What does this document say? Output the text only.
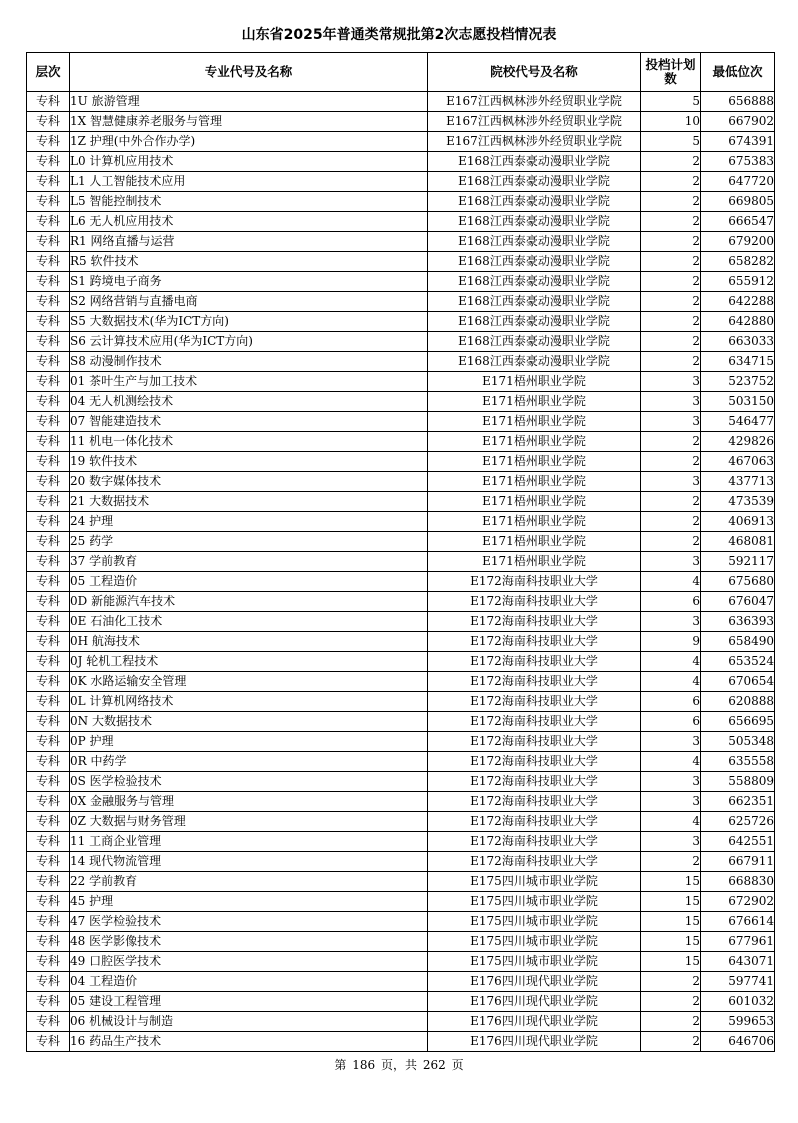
山东省2025年普通类常规批第2次志愿投档情况表
层次	专业代号及名称	院校代号及名称	投档计划数	最低位次
专科	1U 旅游管理	E167江西枫林涉外经贸职业学院	5	656888
专科	1X 智慧健康养老服务与管理	E167江西枫林涉外经贸职业学院	10	667902
专科	1Z 护理(中外合作办学)	E167江西枫林涉外经贸职业学院	5	674391
专科	L0 计算机应用技术	E168江西泰豪动漫职业学院	2	675383
专科	L1 人工智能技术应用	E168江西泰豪动漫职业学院	2	647720
专科	L5 智能控制技术	E168江西泰豪动漫职业学院	2	669805
专科	L6 无人机应用技术	E168江西泰豪动漫职业学院	2	666547
专科	R1 网络直播与运营	E168江西泰豪动漫职业学院	2	679200
专科	R5 软件技术	E168江西泰豪动漫职业学院	2	658282
专科	S1 跨境电子商务	E168江西泰豪动漫职业学院	2	655912
专科	S2 网络营销与直播电商	E168江西泰豪动漫职业学院	2	642288
专科	S5 大数据技术(华为ICT方向)	E168江西泰豪动漫职业学院	2	642880
专科	S6 云计算技术应用(华为ICT方向)	E168江西泰豪动漫职业学院	2	663033
专科	S8 动漫制作技术	E168江西泰豪动漫职业学院	2	634715
专科	01 茶叶生产与加工技术	E171梧州职业学院	3	523752
专科	04 无人机测绘技术	E171梧州职业学院	3	503150
专科	07 智能建造技术	E171梧州职业学院	3	546477
专科	11 机电一体化技术	E171梧州职业学院	2	429826
专科	19 软件技术	E171梧州职业学院	2	467063
专科	20 数字媒体技术	E171梧州职业学院	3	437713
专科	21 大数据技术	E171梧州职业学院	2	473539
专科	24 护理	E171梧州职业学院	2	406913
专科	25 药学	E171梧州职业学院	2	468081
专科	37 学前教育	E171梧州职业学院	3	592117
专科	05 工程造价	E172海南科技职业大学	4	675680
专科	0D 新能源汽车技术	E172海南科技职业大学	6	676047
专科	0E 石油化工技术	E172海南科技职业大学	3	636393
专科	0H 航海技术	E172海南科技职业大学	9	658490
专科	0J 轮机工程技术	E172海南科技职业大学	4	653524
专科	0K 水路运输安全管理	E172海南科技职业大学	4	670654
专科	0L 计算机网络技术	E172海南科技职业大学	6	620888
专科	0N 大数据技术	E172海南科技职业大学	6	656695
专科	0P 护理	E172海南科技职业大学	3	505348
专科	0R 中药学	E172海南科技职业大学	4	635558
专科	0S 医学检验技术	E172海南科技职业大学	3	558809
专科	0X 金融服务与管理	E172海南科技职业大学	3	662351
专科	0Z 大数据与财务管理	E172海南科技职业大学	4	625726
专科	11 工商企业管理	E172海南科技职业大学	3	642551
专科	14 现代物流管理	E172海南科技职业大学	2	667911
专科	22 学前教育	E175四川城市职业学院	15	668830
专科	45 护理	E175四川城市职业学院	15	672902
专科	47 医学检验技术	E175四川城市职业学院	15	676614
专科	48 医学影像技术	E175四川城市职业学院	15	677961
专科	49 口腔医学技术	E175四川城市职业学院	15	643071
专科	04 工程造价	E176四川现代职业学院	2	597741
专科	05 建设工程管理	E176四川现代职业学院	2	601032
专科	06 机械设计与制造	E176四川现代职业学院	2	599653
专科	16 药品生产技术	E176四川现代职业学院	2	646706
第 186 页，共 262 页
